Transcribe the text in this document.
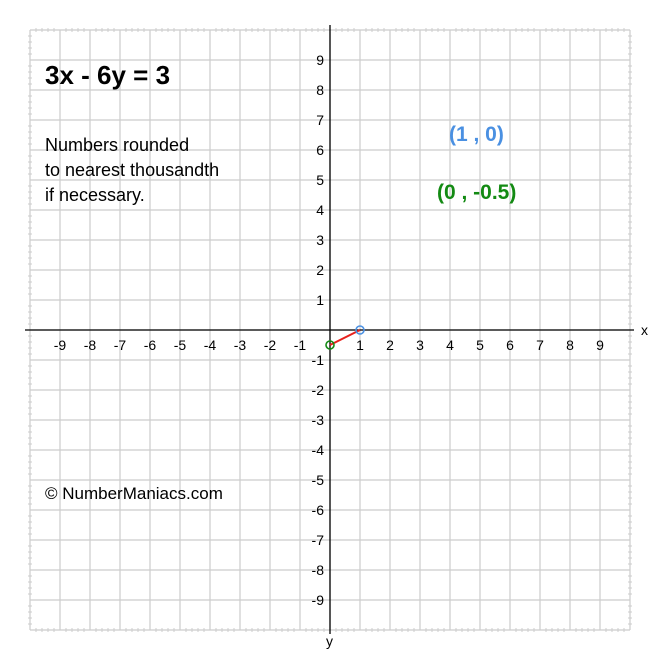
x
y
-9 -8 -7 -6 -5 -4 -3 -2 -1	1 2 3 4 5 6 7 8 9
9
8
7
6
5
4
3
2
1
-1
-2
-3
-4
-5
-6
-7
-8
-9
3x - 6y = 3
Numbers rounded
to nearest thousandth
if necessary.
(1 , 0)
(0 , -0.5)
© NumberManiacs.com
